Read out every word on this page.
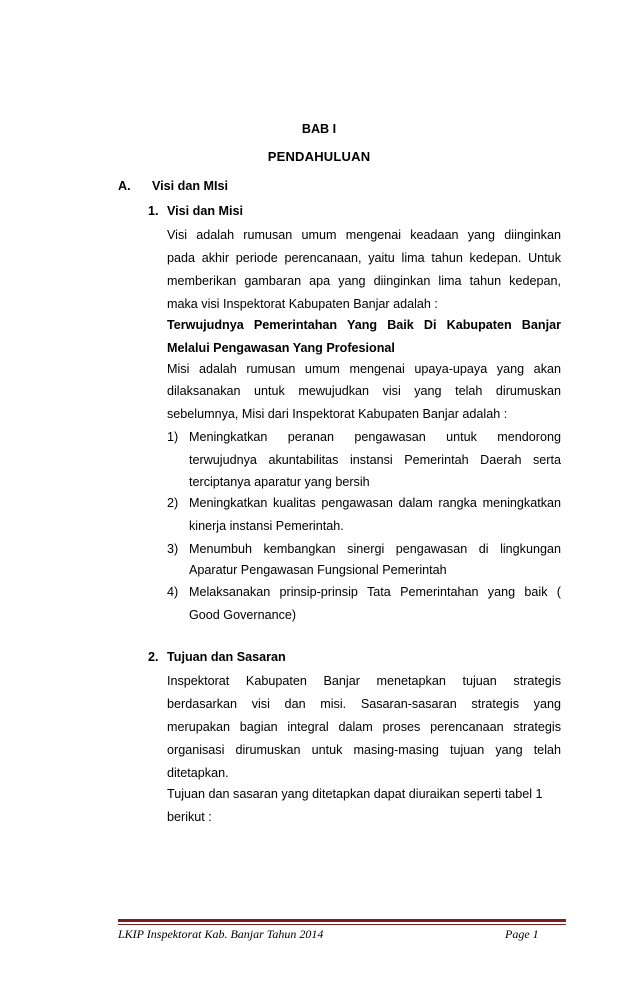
BAB I
PENDAHULUAN
A. Visi dan MIsi
1. Visi dan Misi
Visi adalah rumusan umum mengenai keadaan yang diinginkan
pada akhir periode perencanaan, yaitu lima tahun kedepan. Untuk
memberikan gambaran apa yang diinginkan lima tahun kedepan,
maka visi Inspektorat Kabupaten Banjar adalah :
Terwujudnya Pemerintahan Yang Baik Di Kabupaten Banjar
Melalui Pengawasan Yang Profesional
Misi adalah rumusan umum mengenai upaya-upaya yang akan
dilaksanakan untuk mewujudkan visi yang telah dirumuskan
sebelumnya, Misi dari Inspektorat Kabupaten Banjar adalah :
1) Meningkatkan peranan pengawasan untuk mendorong
terwujudnya akuntabilitas instansi Pemerintah Daerah serta
terciptanya aparatur yang bersih
2) Meningkatkan kualitas pengawasan dalam rangka meningkatkan
kinerja instansi Pemerintah.
3) Menumbuh kembangkan sinergi pengawasan di lingkungan
Aparatur Pengawasan Fungsional Pemerintah
4) Melaksanakan prinsip-prinsip Tata Pemerintahan yang baik (
Good Governance)
2. Tujuan dan Sasaran
Inspektorat Kabupaten Banjar menetapkan tujuan strategis
berdasarkan visi dan misi. Sasaran-sasaran strategis yang
merupakan bagian integral dalam proses perencanaan strategis
organisasi dirumuskan untuk masing-masing tujuan yang telah
ditetapkan.
Tujuan dan sasaran yang ditetapkan dapat diuraikan seperti tabel 1
berikut :
LKIP Inspektorat Kab. Banjar Tahun 2014	Page 1
